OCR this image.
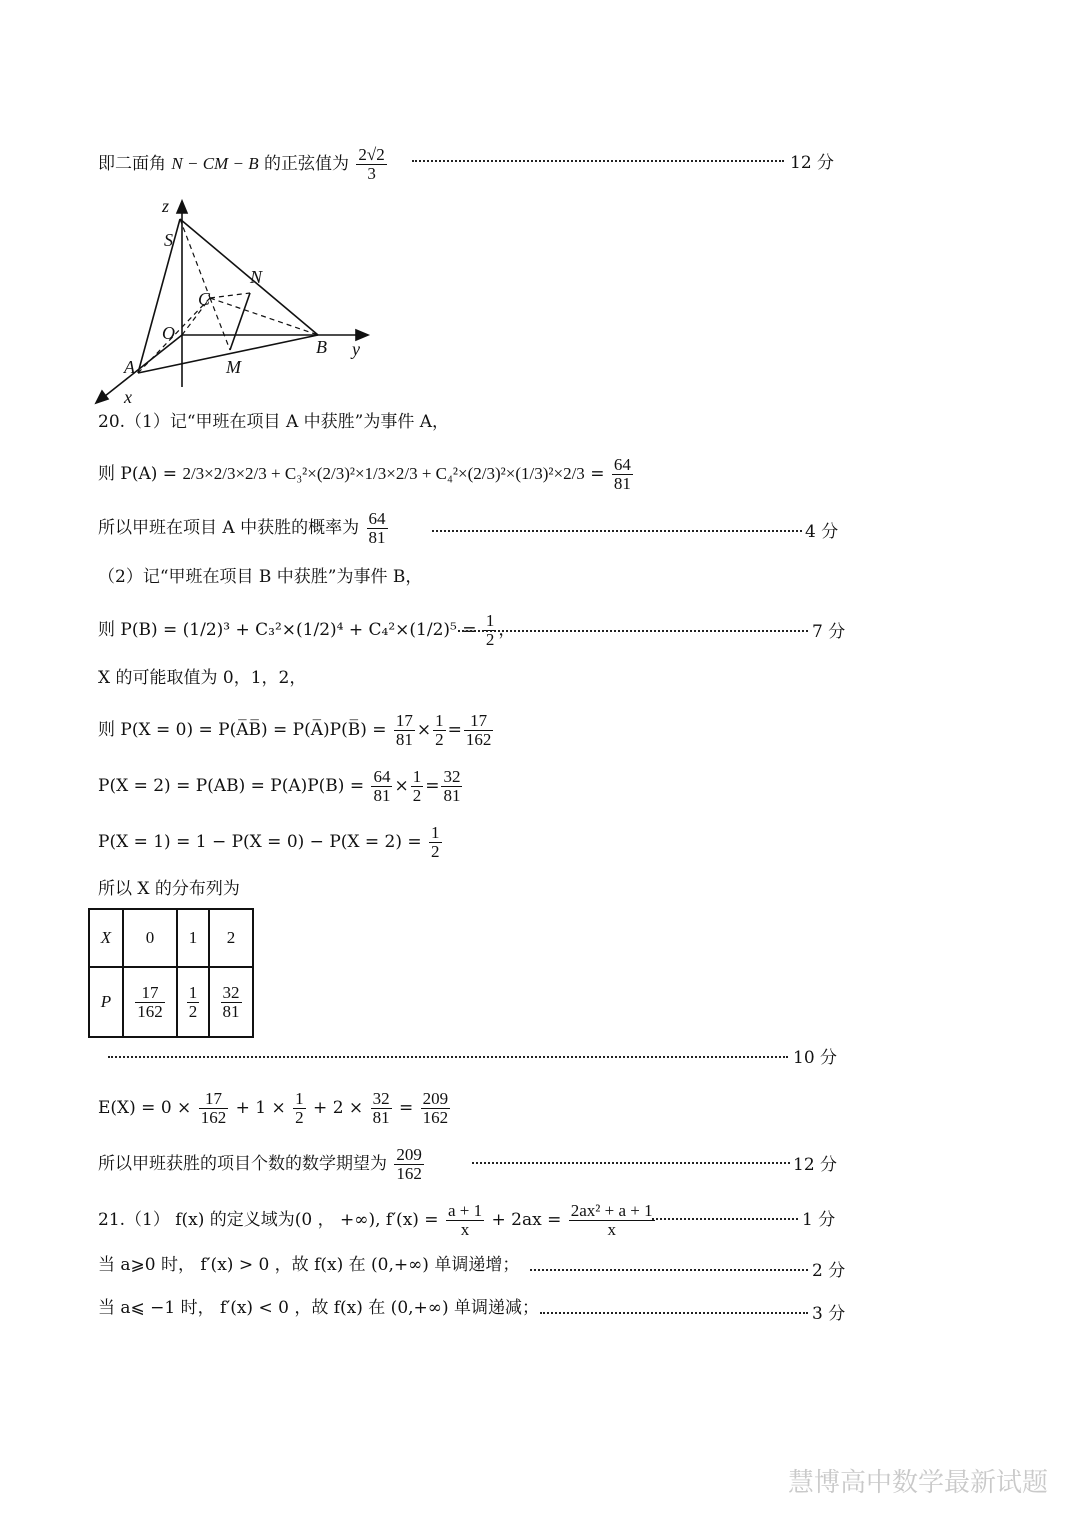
即二面角 N − CM − B 的正弦值为 $\frac{2√2}{3}$	12 分
z
S
N
C
O
A	M
B y
x
20.（1）记“甲班在项目 A 中获胜”为事件 A，
则 $P(A) = 2/3\times 2/3\times 2/3 + C_3^2\times(2/3)^2\times 1/3\times 2/3 + C_4^2\times(2/3)^2\times(1/3)^2\times 2/3 = \frac{64}{81}$
所以甲班在项目 A 中获胜的概率为 $\frac{64}{81}$	4 分
（2）记“甲班在项目 B 中获胜”为事件 B，
则 $P(B) = (1/2)^3 + C_3^2\times(1/2)^4 + C_4^2\times(1/2)^5 = \frac{1}{2}$ ，	7 分
X 的可能取值为 0，1，2，
则 P(X = 0) = P(A̅B̅) = P(A̅)P(B̅) = $\frac{17}{81} \times \frac{1}{2} = \frac{17}{162}$
$P(X = 2) = P(AB) = P(A)P(B) = \frac{64}{81} \times \frac{1}{2} = \frac{32}{81}$
$P(X = 1) = 1 - P(X = 0) - P(X = 2) = \frac{1}{2}$
所以 X 的分布列为
X	0	1	2
P	$\frac{17}{162}$	$\frac{1}{2}$	$\frac{32}{81}$
10 分
$E(X) = 0 \times \frac{17}{162} + 1 \times \frac{1}{2} + 2 \times \frac{32}{81} = \frac{209}{162}$
所以甲班获胜的项目个数的数学期望为 $\frac{209}{162}$	12 分
21.（1） f(x) 的定义域为(0 ， +∞), $f'(x) = \frac{a + 1}{x} + 2ax = \frac{\text{2ax² + a + 1}}{x}$	1 分
当 a⩾0 时， f′(x) > 0 ，故 f(x) 在 (0,+∞) 单调递增；	2 分
当 a⩽ −1 时， f′(x) < 0 ，故 f(x) 在 (0,+∞) 单调递减；	3 分
慧博高中数学最新试题
